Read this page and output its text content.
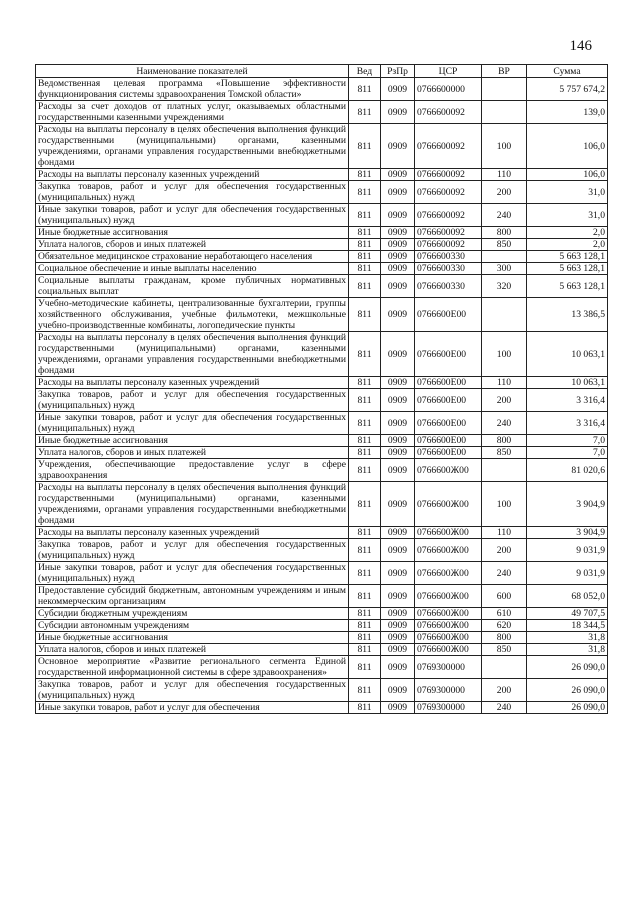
146
Наименование показателей	Вед	РзПр	ЦСР	ВР	Сумма
Ведомственная целевая программа «Повышение эффективности функционирования системы здравоохранения Томской области»	811	0909	0766600000		5 757 674,2
Расходы за счет доходов от платных услуг, оказываемых областными государственными казенными учреждениями	811	0909	0766600092		139,0
Расходы на выплаты персоналу в целях обеспечения выполнения функций государственными (муниципальными) органами, казенными учреждениями, органами управления государственными внебюджетными фондами	811	0909	0766600092	100	106,0
Расходы на выплаты персоналу казенных учреждений	811	0909	0766600092	110	106,0
Закупка товаров, работ и услуг для обеспечения государственных (муниципальных) нужд	811	0909	0766600092	200	31,0
Иные закупки товаров, работ и услуг для обеспечения государственных (муниципальных) нужд	811	0909	0766600092	240	31,0
Иные бюджетные ассигнования	811	0909	0766600092	800	2,0
Уплата налогов, сборов и иных платежей	811	0909	0766600092	850	2,0
Обязательное медицинское страхование неработающего населения	811	0909	0766600330		5 663 128,1
Социальное обеспечение и иные выплаты населению	811	0909	0766600330	300	5 663 128,1
Социальные выплаты гражданам, кроме публичных нормативных социальных выплат	811	0909	0766600330	320	5 663 128,1
Учебно-методические кабинеты, централизованные бухгалтерии, группы хозяйственного обслуживания, учебные фильмотеки, межшкольные учебно-производственные комбинаты, логопедические пункты	811	0909	0766600Е00		13 386,5
Расходы на выплаты персоналу в целях обеспечения выполнения функций государственными (муниципальными) органами, казенными учреждениями, органами управления государственными внебюджетными фондами	811	0909	0766600Е00	100	10 063,1
Расходы на выплаты персоналу казенных учреждений	811	0909	0766600Е00	110	10 063,1
Закупка товаров, работ и услуг для обеспечения государственных (муниципальных) нужд	811	0909	0766600Е00	200	3 316,4
Иные закупки товаров, работ и услуг для обеспечения государственных (муниципальных) нужд	811	0909	0766600Е00	240	3 316,4
Иные бюджетные ассигнования	811	0909	0766600Е00	800	7,0
Уплата налогов, сборов и иных платежей	811	0909	0766600Е00	850	7,0
Учреждения, обеспечивающие предоставление услуг в сфере здравоохранения	811	0909	0766600Ж00		81 020,6
Расходы на выплаты персоналу в целях обеспечения выполнения функций государственными (муниципальными) органами, казенными учреждениями, органами управления государственными внебюджетными фондами	811	0909	0766600Ж00	100	3 904,9
Расходы на выплаты персоналу казенных учреждений	811	0909	0766600Ж00	110	3 904,9
Закупка товаров, работ и услуг для обеспечения государственных (муниципальных) нужд	811	0909	0766600Ж00	200	9 031,9
Иные закупки товаров, работ и услуг для обеспечения государственных (муниципальных) нужд	811	0909	0766600Ж00	240	9 031,9
Предоставление субсидий бюджетным, автономным учреждениям и иным некоммерческим организациям	811	0909	0766600Ж00	600	68 052,0
Субсидии бюджетным учреждениям	811	0909	0766600Ж00	610	49 707,5
Субсидии автономным учреждениям	811	0909	0766600Ж00	620	18 344,5
Иные бюджетные ассигнования	811	0909	0766600Ж00	800	31,8
Уплата налогов, сборов и иных платежей	811	0909	0766600Ж00	850	31,8
Основное мероприятие «Развитие регионального сегмента Единой государственной информационной системы в сфере здравоохранения»	811	0909	0769300000		26 090,0
Закупка товаров, работ и услуг для обеспечения государственных (муниципальных) нужд	811	0909	0769300000	200	26 090,0
Иные закупки товаров, работ и услуг для обеспечения	811	0909	0769300000	240	26 090,0
